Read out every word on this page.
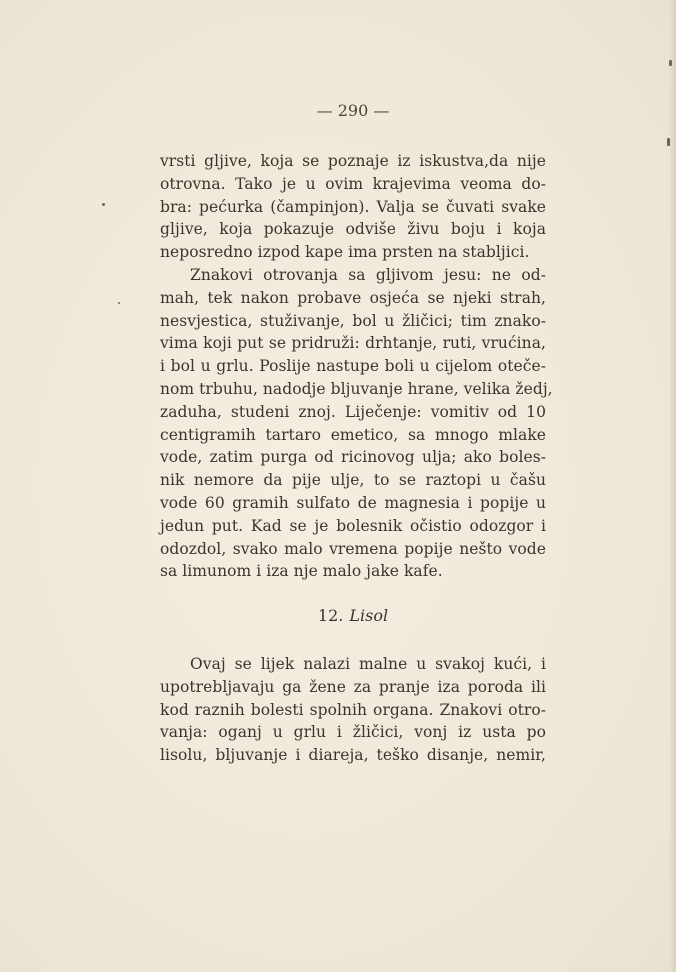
— 290 —
vrsti gljive, koja se poznaje iz iskustva,da nije
otrovna. Tako je u ovim krajevima veoma do-
bra: pećurka (čampinjon). Valja se čuvati svake
gljive, koja pokazuje odviše živu boju i koja
neposredno izpod kape ima prsten na stabljici.
Znakovi otrovanja sa gljivom jesu: ne od-
mah, tek nakon probave osjeća se njeki strah,
nesvjestica, stuživanje, bol u žličici; tim znako-
vima koji put se pridruži: drhtanje, ruti, vrućina,
i bol u grlu. Poslije nastupe boli u cijelom oteče-
nom trbuhu, nadodje bljuvanje hrane, velika žedj,
zaduha, studeni znoj. Liječenje: vomitiv od 10
centigramih tartaro emetico, sa mnogo mlake
vode, zatim purga od ricinovog ulja; ako boles-
nik nemore da pije ulje, to se raztopi u čašu
vode 60 gramih sulfato de magnesia i popije u
jedun put. Kad se je bolesnik očistio odozgor i
odozdol, svako malo vremena popije nešto vode
sa limunom i iza nje malo jake kafe.
12. Lisol
Ovaj se lijek nalazi malne u svakoj kući, i
upotrebljavaju ga žene za pranje iza poroda ili
kod raznih bolesti spolnih organa. Znakovi otro-
vanja: oganj u grlu i žličici, vonj iz usta po
lisolu, bljuvanje i diareja, teško disanje, nemir,
